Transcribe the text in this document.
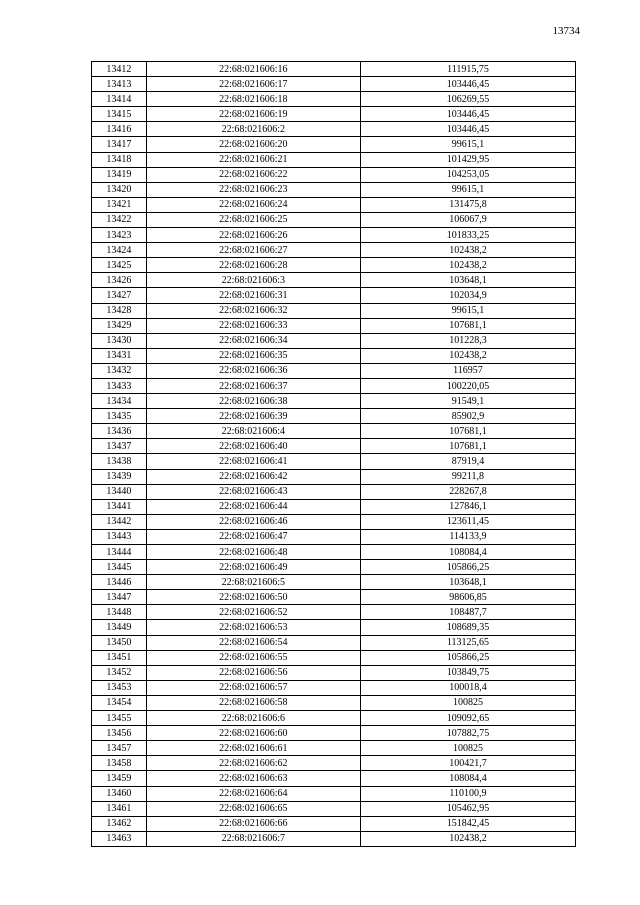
13734
13412	22:68:021606:16	111915,75
13413	22:68:021606:17	103446,45
13414	22:68:021606:18	106269,55
13415	22:68:021606:19	103446,45
13416	22:68:021606:2	103446,45
13417	22:68:021606:20	99615,1
13418	22:68:021606:21	101429,95
13419	22:68:021606:22	104253,05
13420	22:68:021606:23	99615,1
13421	22:68:021606:24	131475,8
13422	22:68:021606:25	106067,9
13423	22:68:021606:26	101833,25
13424	22:68:021606:27	102438,2
13425	22:68:021606:28	102438,2
13426	22:68:021606:3	103648,1
13427	22:68:021606:31	102034,9
13428	22:68:021606:32	99615,1
13429	22:68:021606:33	107681,1
13430	22:68:021606:34	101228,3
13431	22:68:021606:35	102438,2
13432	22:68:021606:36	116957
13433	22:68:021606:37	100220,05
13434	22:68:021606:38	91549,1
13435	22:68:021606:39	85902,9
13436	22:68:021606:4	107681,1
13437	22:68:021606:40	107681,1
13438	22:68:021606:41	87919,4
13439	22:68:021606:42	99211,8
13440	22:68:021606:43	228267,8
13441	22:68:021606:44	127846,1
13442	22:68:021606:46	123611,45
13443	22:68:021606:47	114133,9
13444	22:68:021606:48	108084,4
13445	22:68:021606:49	105866,25
13446	22:68:021606:5	103648,1
13447	22:68:021606:50	98606,85
13448	22:68:021606:52	108487,7
13449	22:68:021606:53	108689,35
13450	22:68:021606:54	113125,65
13451	22:68:021606:55	105866,25
13452	22:68:021606:56	103849,75
13453	22:68:021606:57	100018,4
13454	22:68:021606:58	100825
13455	22:68:021606:6	109092,65
13456	22:68:021606:60	107882,75
13457	22:68:021606:61	100825
13458	22:68:021606:62	100421,7
13459	22:68:021606:63	108084,4
13460	22:68:021606:64	110100,9
13461	22:68:021606:65	105462,95
13462	22:68:021606:66	151842,45
13463	22:68:021606:7	102438,2
